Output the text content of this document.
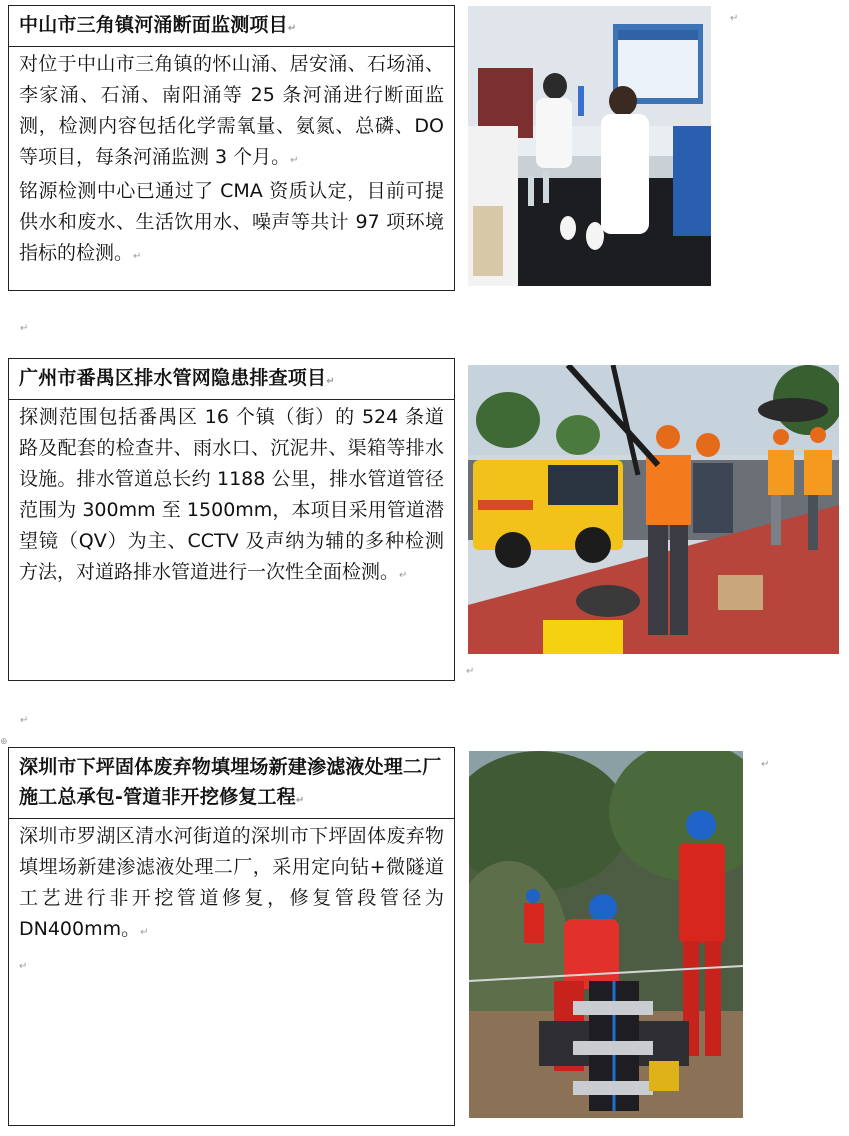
中山市三角镇河涌断面监测项目↵

对位于中山市三角镇的怀山涌、居安涌、石场涌、李家涌、石涌、南阳涌等 25 条河涌进行断面监测，检测内容包括化学需氧量、氨氮、总磷、DO 等项目，每条河涌监测 3 个月。↵

铭源检测中心已通过了 CMA 资质认定，目前可提供水和废水、生活饮用水、噪声等共计 97 项环境指标的检测。↵

↵
↵
广州市番禺区排水管网隐患排查项目↵

探测范围包括番禺区 16 个镇（街）的 524 条道路及配套的检查井、雨水口、沉泥井、渠箱等排水设施。排水管道总长约 1188 公里，排水管道管径范围为 300mm 至 1500mm，本项目采用管道潜望镜（QV）为主、CCTV 及声纳为辅的多种检测方法，对道路排水管道进行一次性全面检测。↵

↵
↵
⊕
深圳市下坪固体废弃物填埋场新建渗滤液处理二厂施工总承包-管道非开挖修复工程↵

深圳市罗湖区清水河街道的深圳市下坪固体废弃物填埋场新建渗滤液处理二厂，采用定向钻+微隧道工艺进行非开挖管道修复，修复管段管径为 DN400mm。↵

↵

↵
